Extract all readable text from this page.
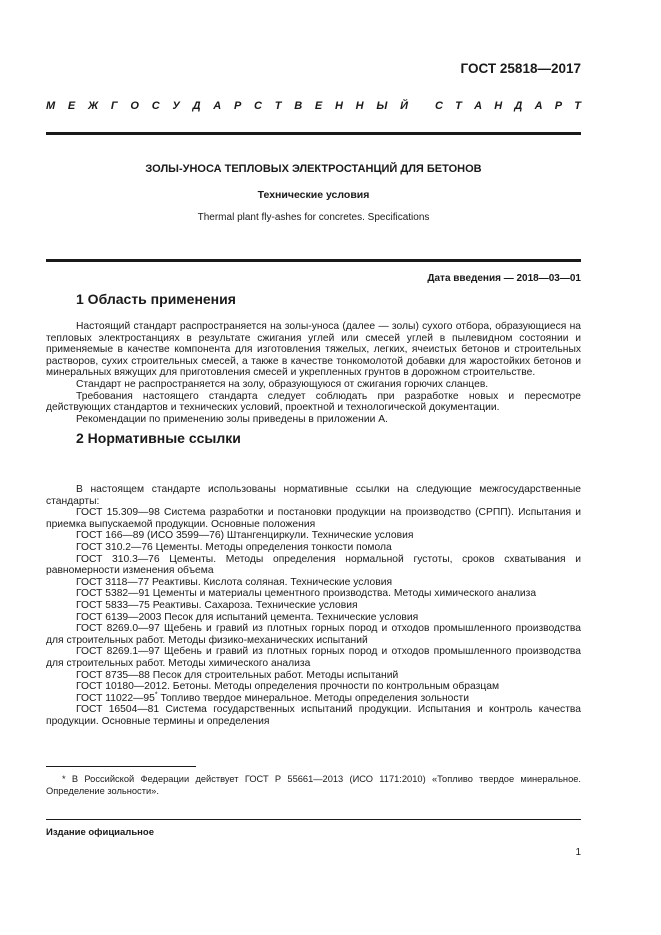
ГОСТ 25818—2017
М Е Ж Г О С У Д А Р С Т В Е Н Н Ы Й С Т А Н Д А Р Т
ЗОЛЫ-УНОСА ТЕПЛОВЫХ ЭЛЕКТРОСТАНЦИЙ ДЛЯ БЕТОНОВ
Технические условия
Thermal plant fly-ashes for concretes. Specifications
Дата введения — 2018—03—01
1 Область применения

Настоящий стандарт распространяется на золы-уноса (далее — золы) сухого отбора, образующиеся на тепловых электростанциях в результате сжигания углей или смесей углей в пылевидном состоянии и применяемые в качестве компонента для изготовления тяжелых, легких, ячеистых бетонов и строительных растворов, сухих строительных смесей, а также в качестве тонкомолотой добавки для жаростойких бетонов и минеральных вяжущих для приготовления смесей и укрепленных грунтов в дорожном строительстве.

Стандарт не распространяется на золу, образующуюся от сжигания горючих сланцев.

Требования настоящего стандарта следует соблюдать при разработке новых и пересмотре действующих стандартов и технических условий, проектной и технологической документации.

Рекомендации по применению золы приведены в приложении А.

2 Нормативные ссылки

В настоящем стандарте использованы нормативные ссылки на следующие межгосударственные стандарты:

ГОСТ 15.309—98 Система разработки и постановки продукции на производство (СРПП). Испытания и приемка выпускаемой продукции. Основные положения

ГОСТ 166—89 (ИСО 3599—76) Штангенциркули. Технические условия

ГОСТ 310.2—76 Цементы. Методы определения тонкости помола

ГОСТ 310.3—76 Цементы. Методы определения нормальной густоты, сроков схватывания и равномерности изменения объема

ГОСТ 3118—77 Реактивы. Кислота соляная. Технические условия

ГОСТ 5382—91 Цементы и материалы цементного производства. Методы химического анализа

ГОСТ 5833—75 Реактивы. Сахароза. Технические условия

ГОСТ 6139—2003 Песок для испытаний цемента. Технические условия

ГОСТ 8269.0—97 Щебень и гравий из плотных горных пород и отходов промышленного производства для строительных работ. Методы физико-механических испытаний

ГОСТ 8269.1—97 Щебень и гравий из плотных горных пород и отходов промышленного производства для строительных работ. Методы химического анализа

ГОСТ 8735—88 Песок для строительных работ. Методы испытаний

ГОСТ 10180—2012. Бетоны. Методы определения прочности по контрольным образцам

ГОСТ 11022—95* Топливо твердое минеральное. Методы определения зольности

ГОСТ 16504—81 Система государственных испытаний продукции. Испытания и контроль качества продукции. Основные термины и определения

* В Российской Федерации действует ГОСТ Р 55661—2013 (ИСО 1171:2010) «Топливо твердое минеральное. Определение зольности».

Издание официальное
1
